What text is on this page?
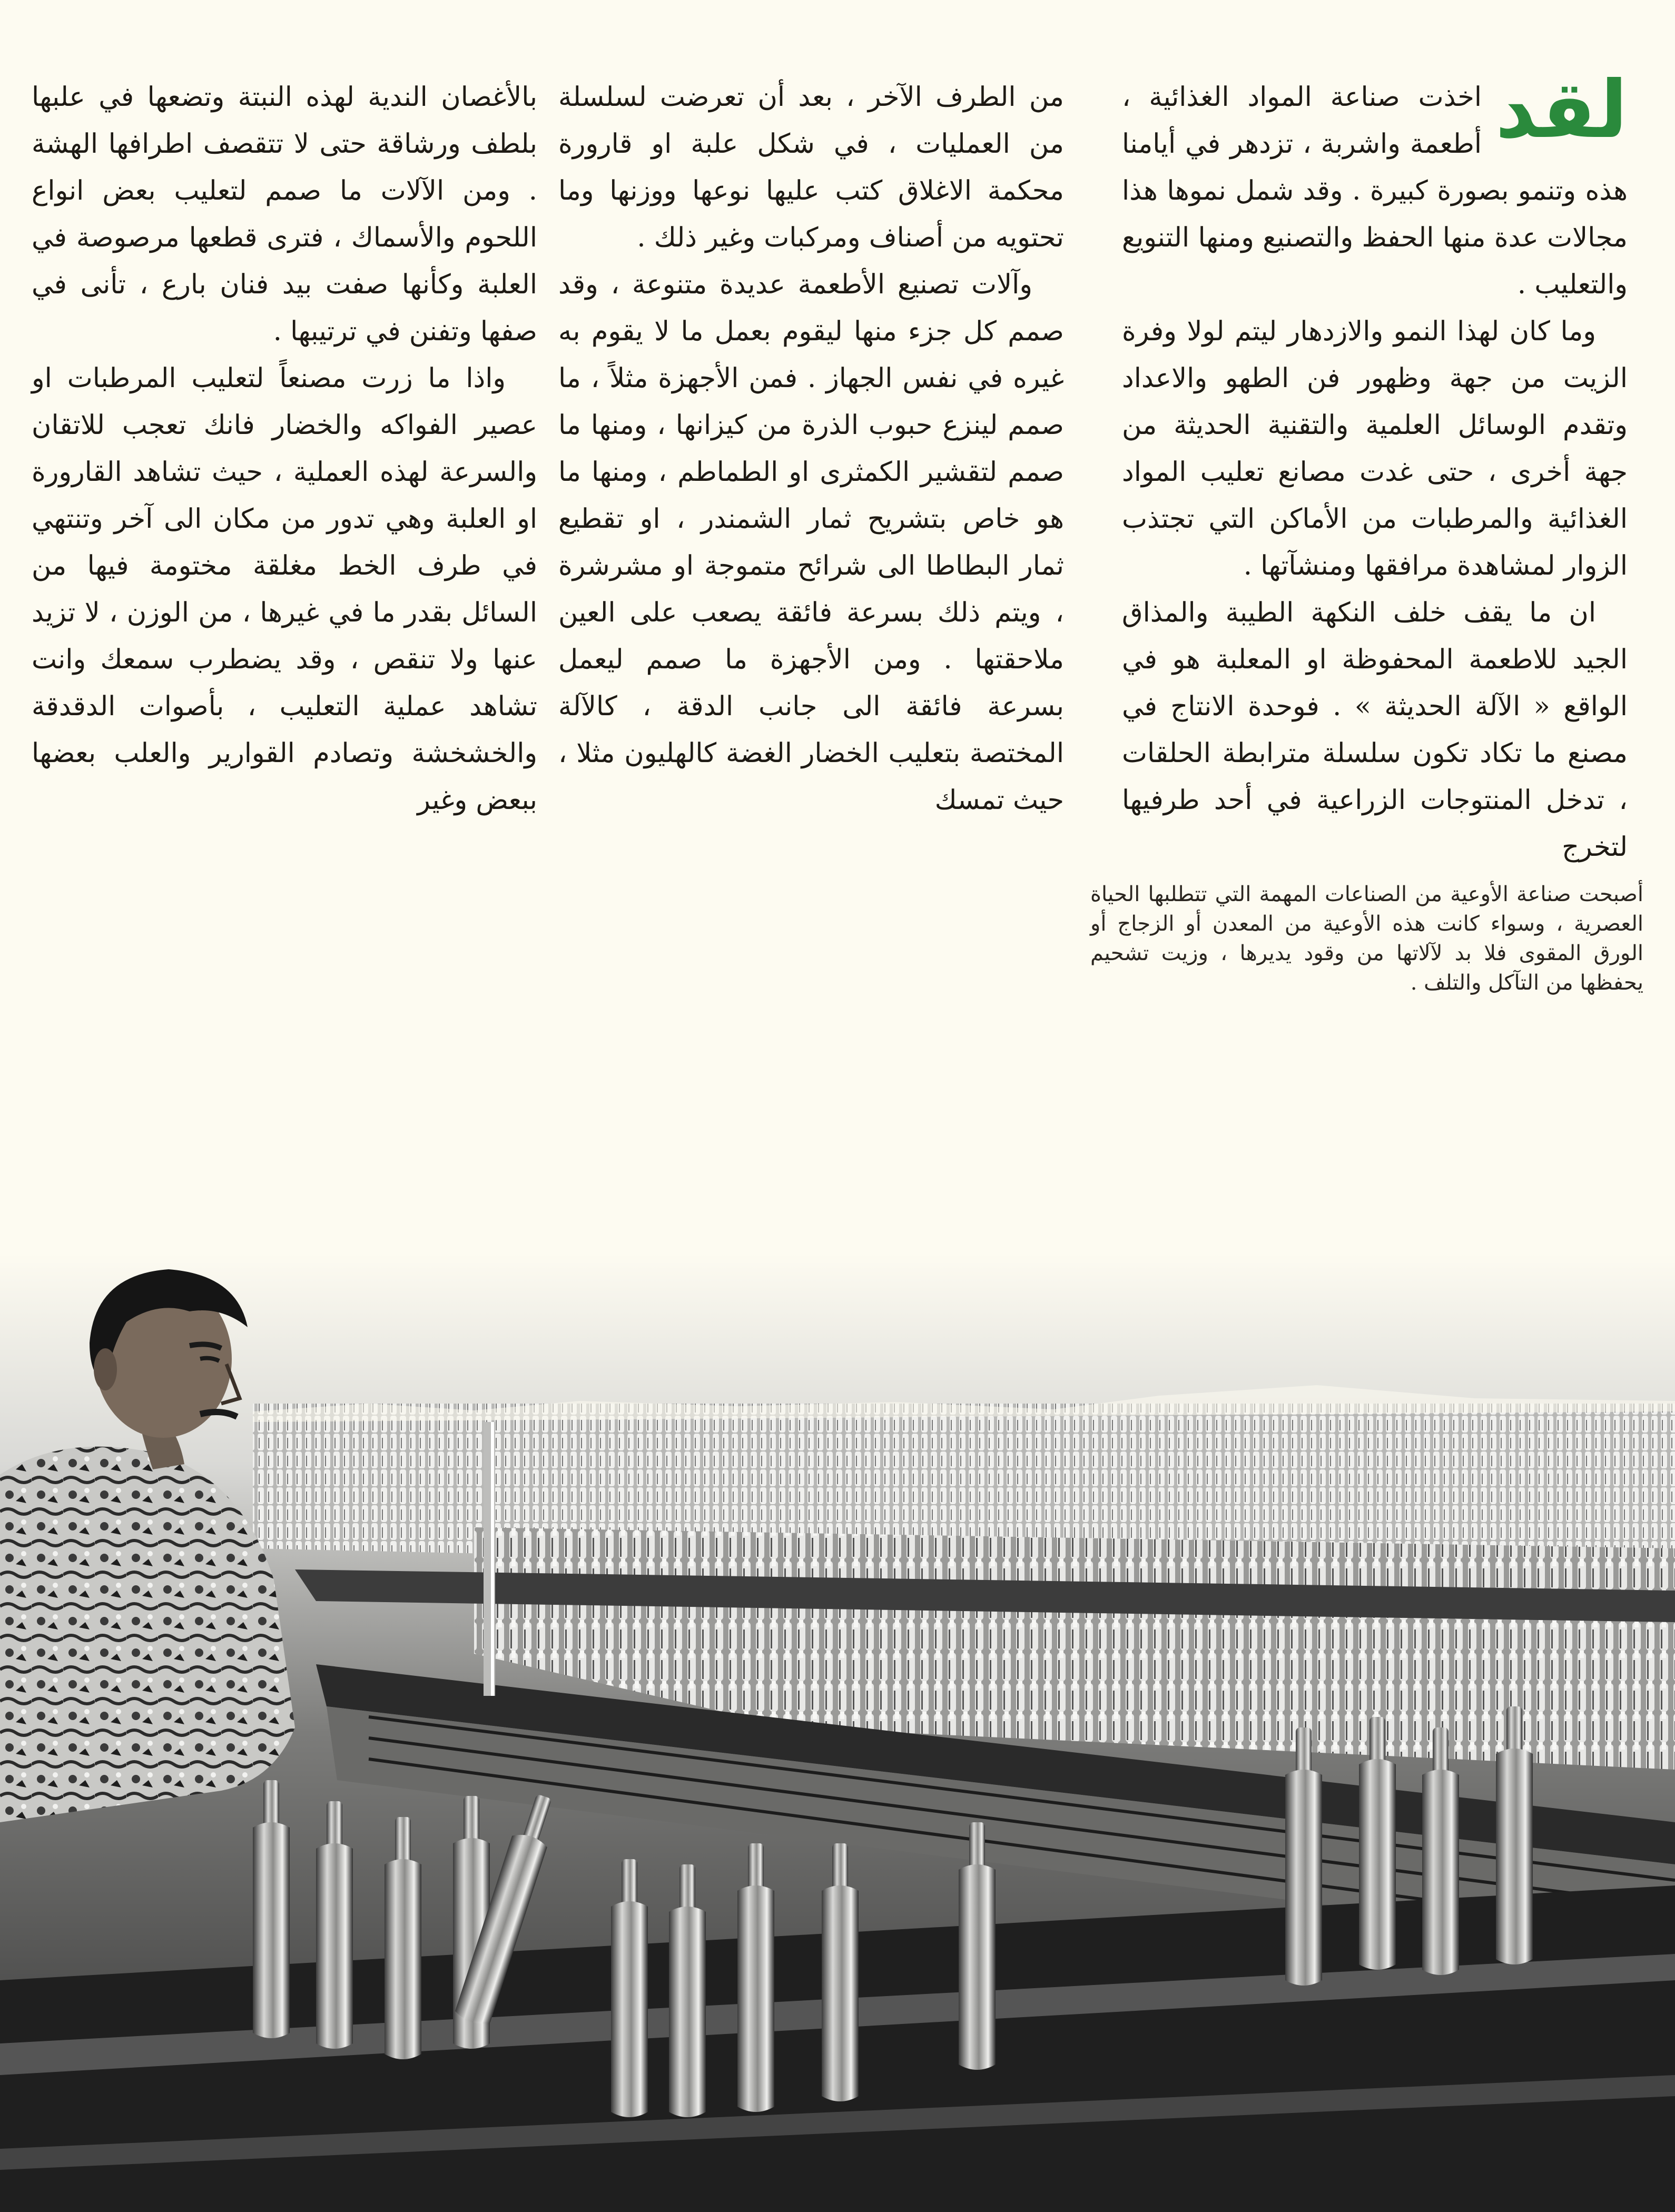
لقد

اخذت صناعة المواد الغذائية ، أطعمة واشربة ، تزدهر في أيامنا هذه وتنمو بصورة كبيرة . وقد شمل نموها هذا مجالات عدة منها الحفظ والتصنيع ومنها التنويع والتعليب .

وما كان لهذا النمو والازدهار ليتم لولا وفرة الزيت من جهة وظهور فن الطهو والاعداد وتقدم الوسائل العلمية والتقنية الحديثة من جهة أخرى ، حتى غدت مصانع تعليب المواد الغذائية والمرطبات من الأماكن التي تجتذب الزوار لمشاهدة مرافقها ومنشآتها .

ان ما يقف خلف النكهة الطيبة والمذاق الجيد للاطعمة المحفوظة او المعلبة هو في الواقع « الآلة الحديثة » . فوحدة الانتاج في مصنع ما تكاد تكون سلسلة مترابطة الحلقات ، تدخل المنتوجات الزراعية في أحد طرفيها لتخرج

من الطرف الآخر ، بعد أن تعرضت لسلسلة من العمليات ، في شكل علبة او قارورة محكمة الاغلاق كتب عليها نوعها ووزنها وما تحتويه من أصناف ومركبات وغير ذلك .

وآلات تصنيع الأطعمة عديدة متنوعة ، وقد صمم كل جزء منها ليقوم بعمل ما لا يقوم به غيره في نفس الجهاز . فمن الأجهزة مثلاً ، ما صمم لينزع حبوب الذرة من كيزانها ، ومنها ما صمم لتقشير الكمثرى او الطماطم ، ومنها ما هو خاص بتشريح ثمار الشمندر ، او تقطيع ثمار البطاطا الى شرائح متموجة او مشرشرة ، ويتم ذلك بسرعة فائقة يصعب على العين ملاحقتها . ومن الأجهزة ما صمم ليعمل بسرعة فائقة الى جانب الدقة ، كالآلة المختصة بتعليب الخضار الغضة كالهليون مثلا ، حيث تمسك

بالأغصان الندية لهذه النبتة وتضعها في علبها بلطف ورشاقة حتى لا تتقصف اطرافها الهشة . ومن الآلات ما صمم لتعليب بعض انواع اللحوم والأسماك ، فترى قطعها مرصوصة في العلبة وكأنها صفت بيد فنان بارع ، تأنى في صفها وتفنن في ترتيبها .

واذا ما زرت مصنعاً لتعليب المرطبات او عصير الفواكه والخضار فانك تعجب للاتقان والسرعة لهذه العملية ، حيث تشاهد القارورة او العلبة وهي تدور من مكان الى آخر وتنتهي في طرف الخط مغلقة مختومة فيها من السائل بقدر ما في غيرها ، من الوزن ، لا تزيد عنها ولا تنقص ، وقد يضطرب سمعك وانت تشاهد عملية التعليب ، بأصوات الدقدقة والخشخشة وتصادم القوارير والعلب بعضها ببعض وغير

أصبحت صناعة الأوعية من الصناعات المهمة التي تتطلبها الحياة العصرية ، وسواء كانت هذه الأوعية من المعدن أو الزجاج أو الورق المقوى فلا بد لآلاتها من وقود يديرها ، وزيت تشحيم يحفظها من التآكل والتلف .
